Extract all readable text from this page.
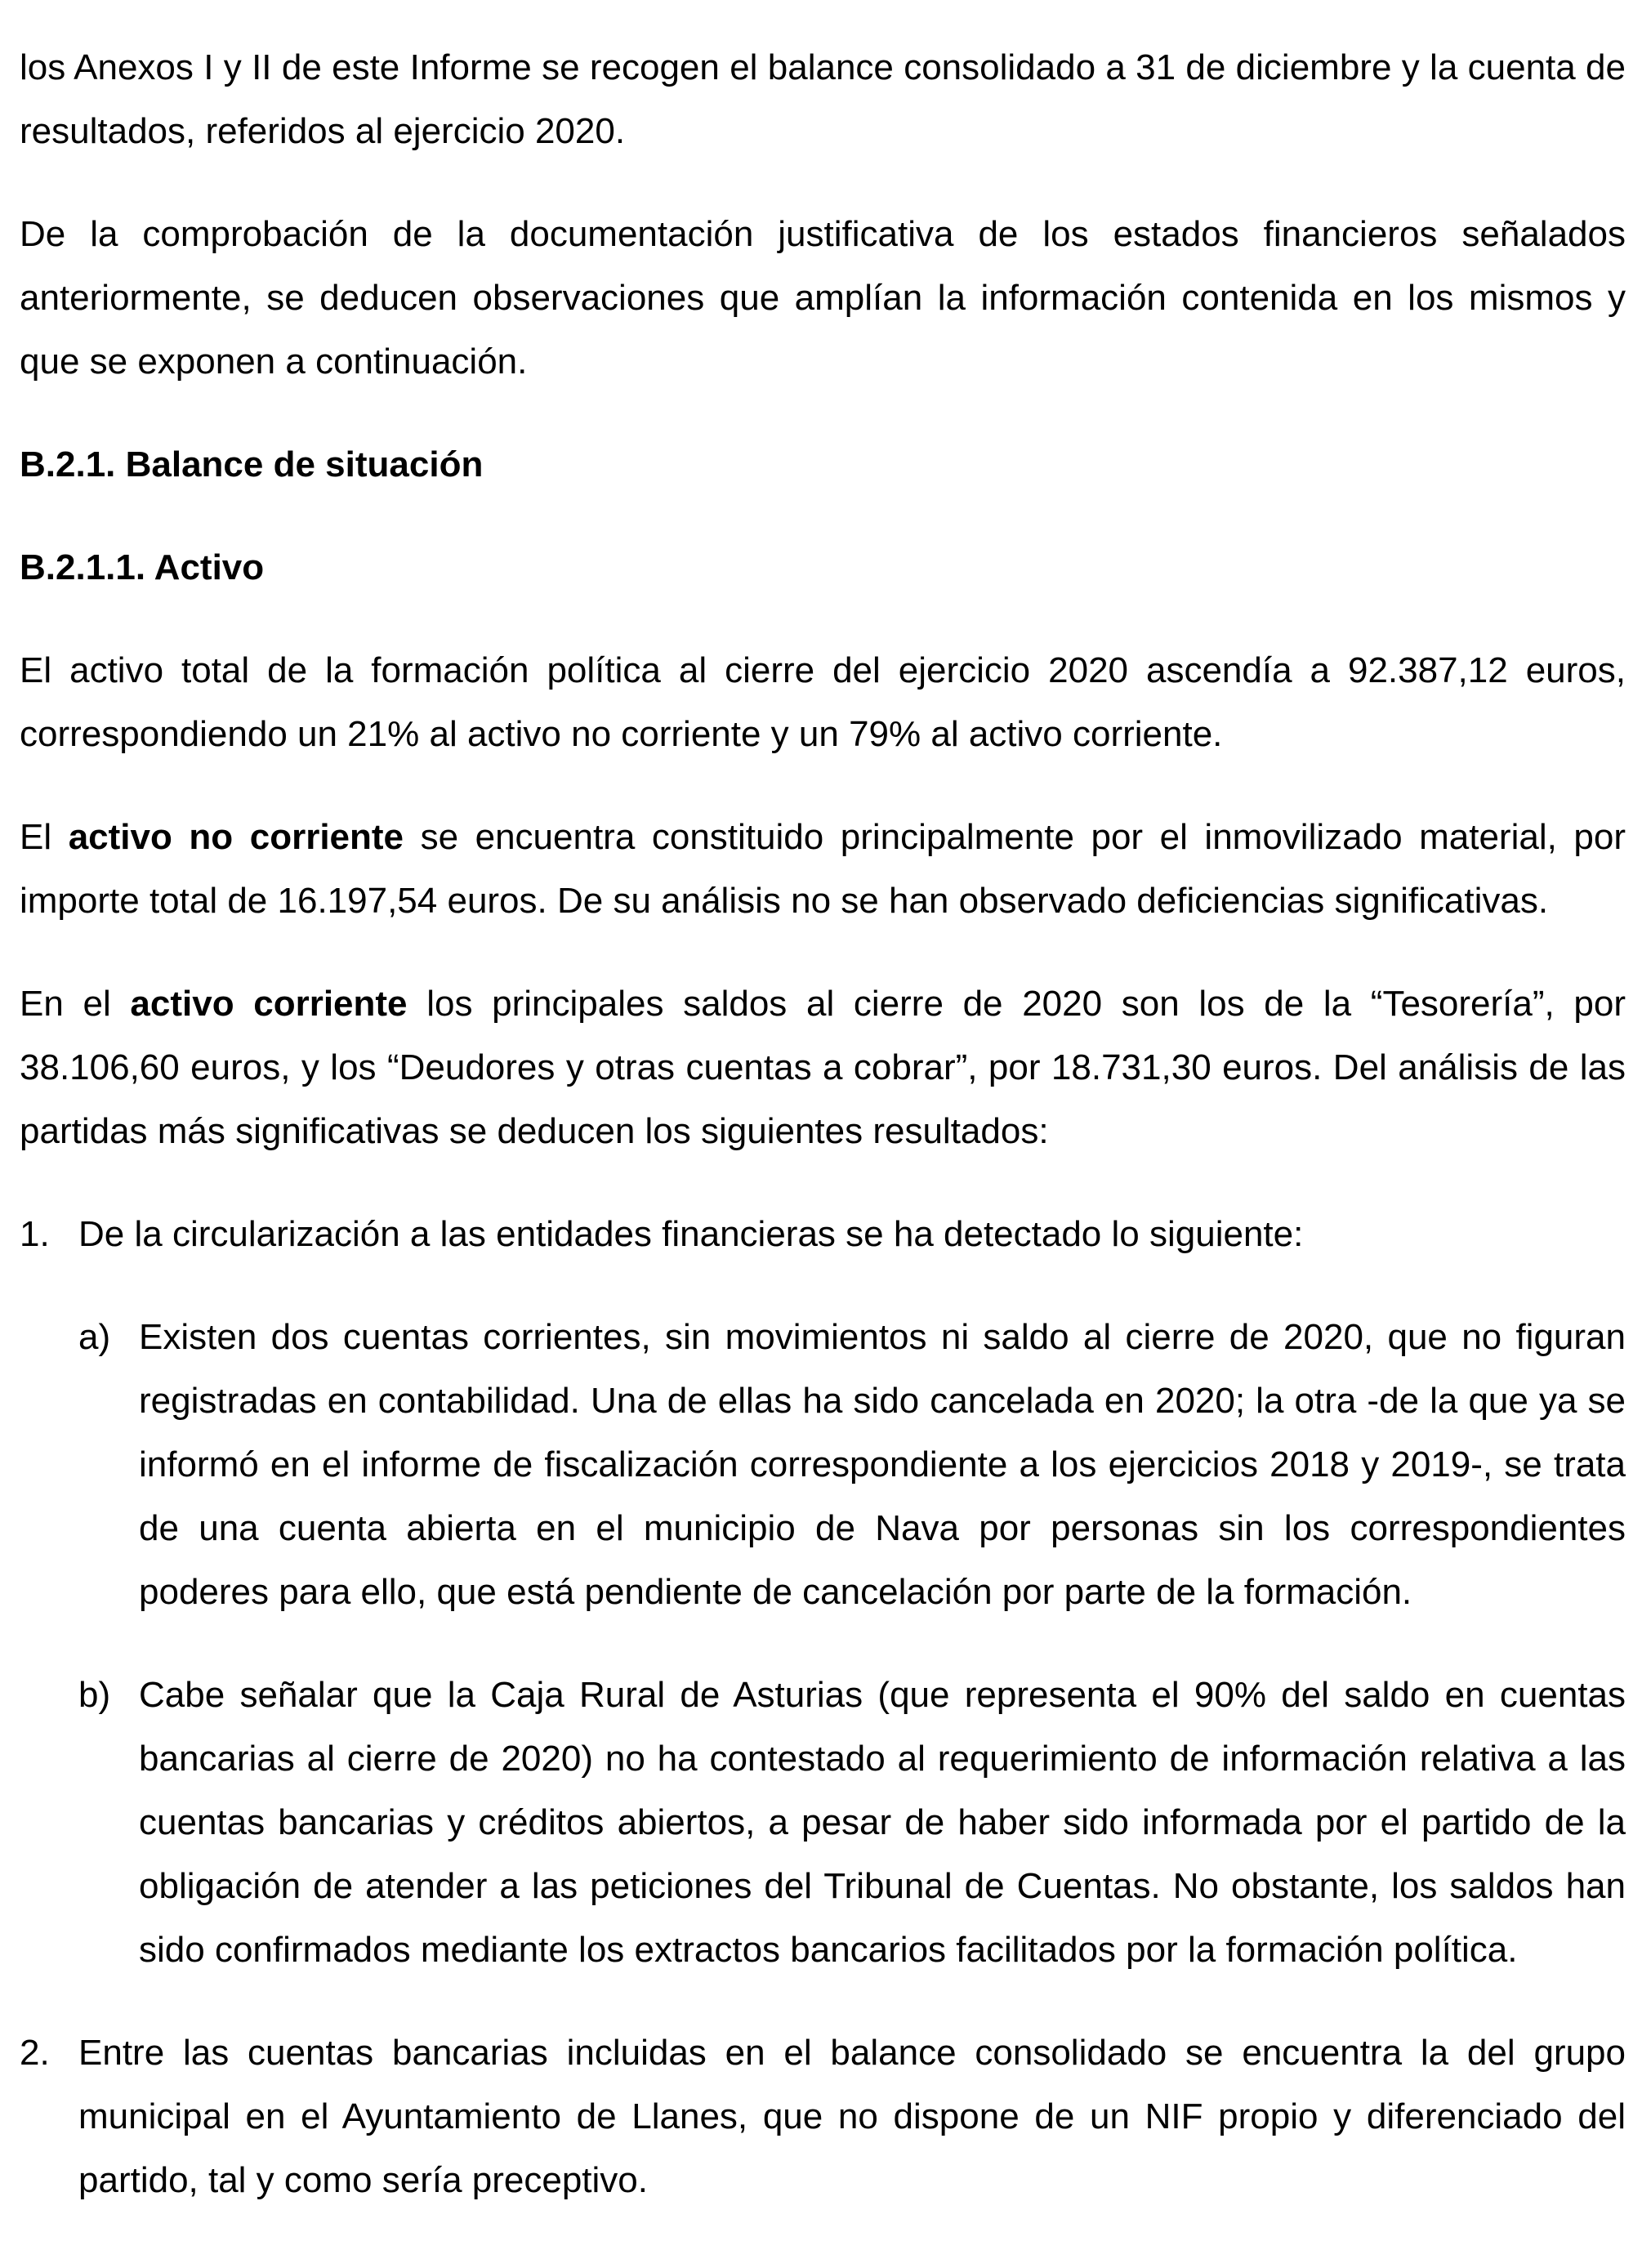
los Anexos I y II de este Informe se recogen el balance consolidado a 31 de diciembre y la cuenta de resultados, referidos al ejercicio 2020.

De la comprobación de la documentación justificativa de los estados financieros señalados anteriormente, se deducen observaciones que amplían la información contenida en los mismos y que se exponen a continuación.

B.2.1. Balance de situación
B.2.1.1. Activo

El activo total de la formación política al cierre del ejercicio 2020 ascendía a 92.387,12 euros, correspondiendo un 21% al activo no corriente y un 79% al activo corriente.

El activo no corriente se encuentra constituido principalmente por el inmovilizado material, por importe total de 16.197,54 euros. De su análisis no se han observado deficiencias significativas.

En el activo corriente los principales saldos al cierre de 2020 son los de la “Tesorería”, por 38.106,60 euros, y los “Deudores y otras cuentas a cobrar”, por 18.731,30 euros. Del análisis de las partidas más significativas se deducen los siguientes resultados:

1. De la circularización a las entidades financieras se ha detectado lo siguiente:
a) Existen dos cuentas corrientes, sin movimientos ni saldo al cierre de 2020, que no figuran registradas en contabilidad. Una de ellas ha sido cancelada en 2020; la otra -de la que ya se informó en el informe de fiscalización correspondiente a los ejercicios 2018 y 2019-, se trata de una cuenta abierta en el municipio de Nava por personas sin los correspondientes poderes para ello, que está pendiente de cancelación por parte de la formación.
b) Cabe señalar que la Caja Rural de Asturias (que representa el 90% del saldo en cuentas bancarias al cierre de 2020) no ha contestado al requerimiento de información relativa a las cuentas bancarias y créditos abiertos, a pesar de haber sido informada por el partido de la obligación de atender a las peticiones del Tribunal de Cuentas. No obstante, los saldos han sido confirmados mediante los extractos bancarios facilitados por la formación política.
2. Entre las cuentas bancarias incluidas en el balance consolidado se encuentra la del grupo municipal en el Ayuntamiento de Llanes, que no dispone de un NIF propio y diferenciado del partido, tal y como sería preceptivo.
